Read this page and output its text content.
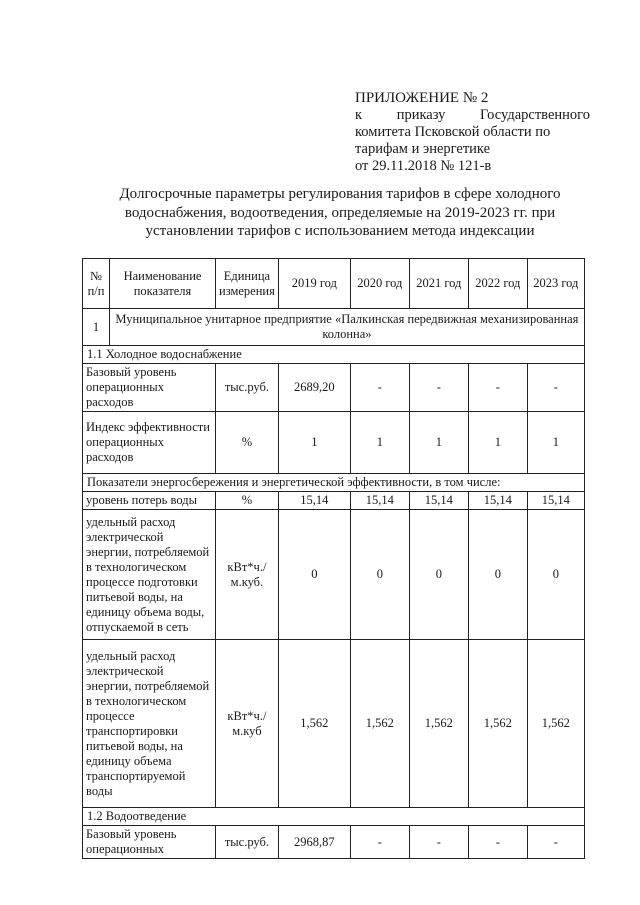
ПРИЛОЖЕНИЕ № 2
к приказу Государственного
комитета Псковской области по
тарифам и энергетике
от 29.11.2018 № 121-в
Долгосрочные параметры регулирования тарифов в сфере холодного
водоснабжения, водоотведения, определяемые на 2019-2023 гг. при
установлении тарифов с использованием метода индексации
№ п/п	Наименование показателя	Единица измерения	2019 год	2020 год	2021 год	2022 год	2023 год
1	Муниципальное унитарное предприятие «Палкинская передвижная механизированная колонна»						
1.1 Холодное водоснабжение							
Базовый уровень операционных расходов		тыс.руб.	2689,20	-	-	-	-
Индекс эффективности операционных расходов		%	1	1	1	1	1
Показатели энергосбережения и энергетической эффективности, в том числе:							
уровень потерь воды		%	15,14	15,14	15,14	15,14	15,14
удельный расход электрической энергии, потребляемой в технологическом процессе подготовки питьевой воды, на единицу объема воды, отпускаемой в сеть		кВт*ч./м.куб.	0	0	0	0	0
удельный расход электрической энергии, потребляемой в технологическом процессе транспортировки питьевой воды, на единицу объема транспортируемой воды		кВт*ч./м.куб	1,562	1,562	1,562	1,562	1,562
1.2 Водоотведение							
Базовый уровень операционных		тыс.руб.	2968,87	-	-	-	-
